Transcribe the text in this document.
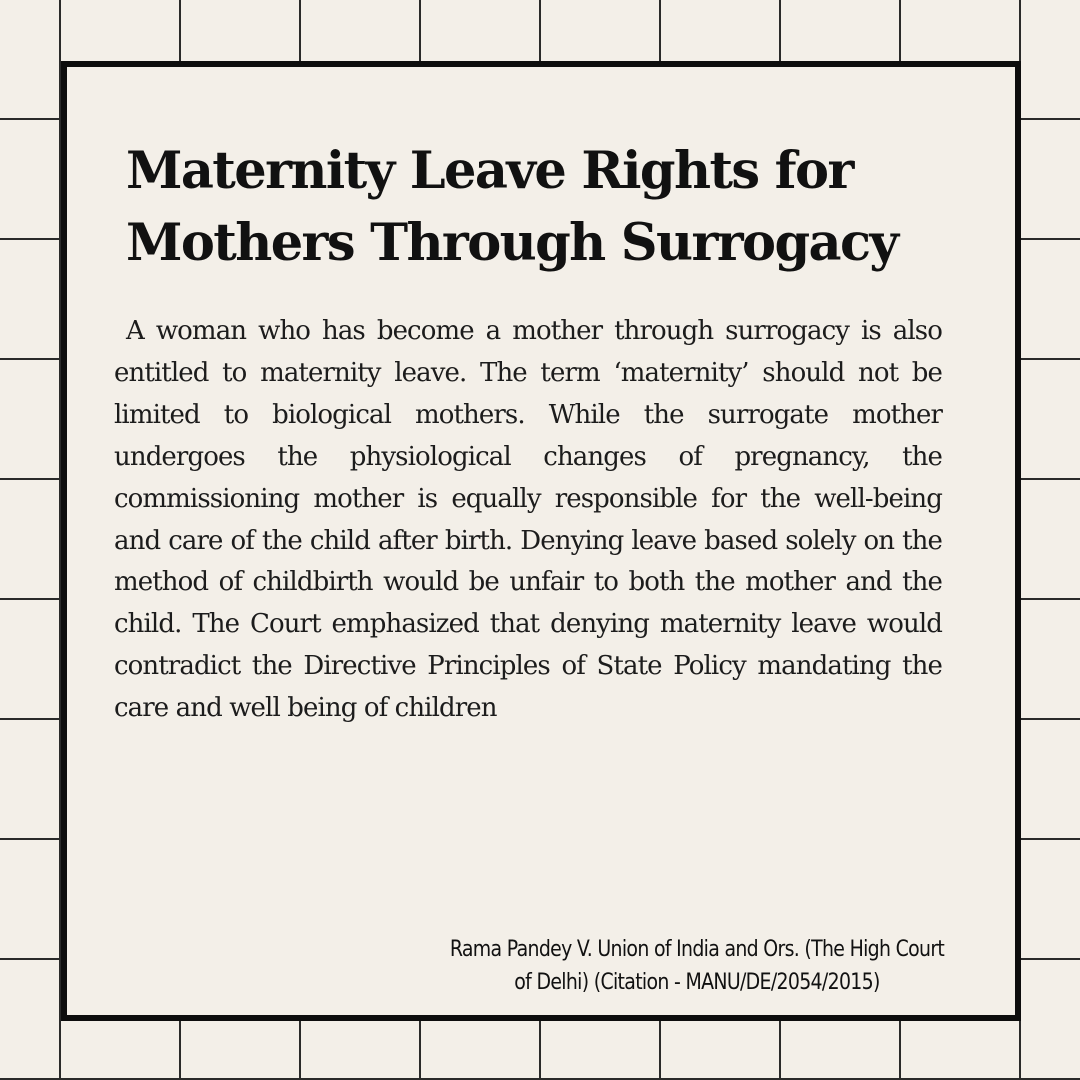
Maternity Leave Rights for Mothers Through Surrogacy

A woman who has become a mother through surrogacy is also entitled to maternity leave. The term ‘maternity’ should not be limited to biological mothers. While the surrogate mother undergoes the physiological changes of pregnancy, the commissioning mother is equally responsible for the well-being and care of the child after birth. Denying leave based solely on the method of childbirth would be unfair to both the mother and the child. The Court emphasized that denying maternity leave would contradict the Directive Principles of State Policy mandating the care and well being of children

Rama Pandey V. Union of India and Ors. (The High Court of Delhi) (Citation - MANU/DE/2054/2015)
